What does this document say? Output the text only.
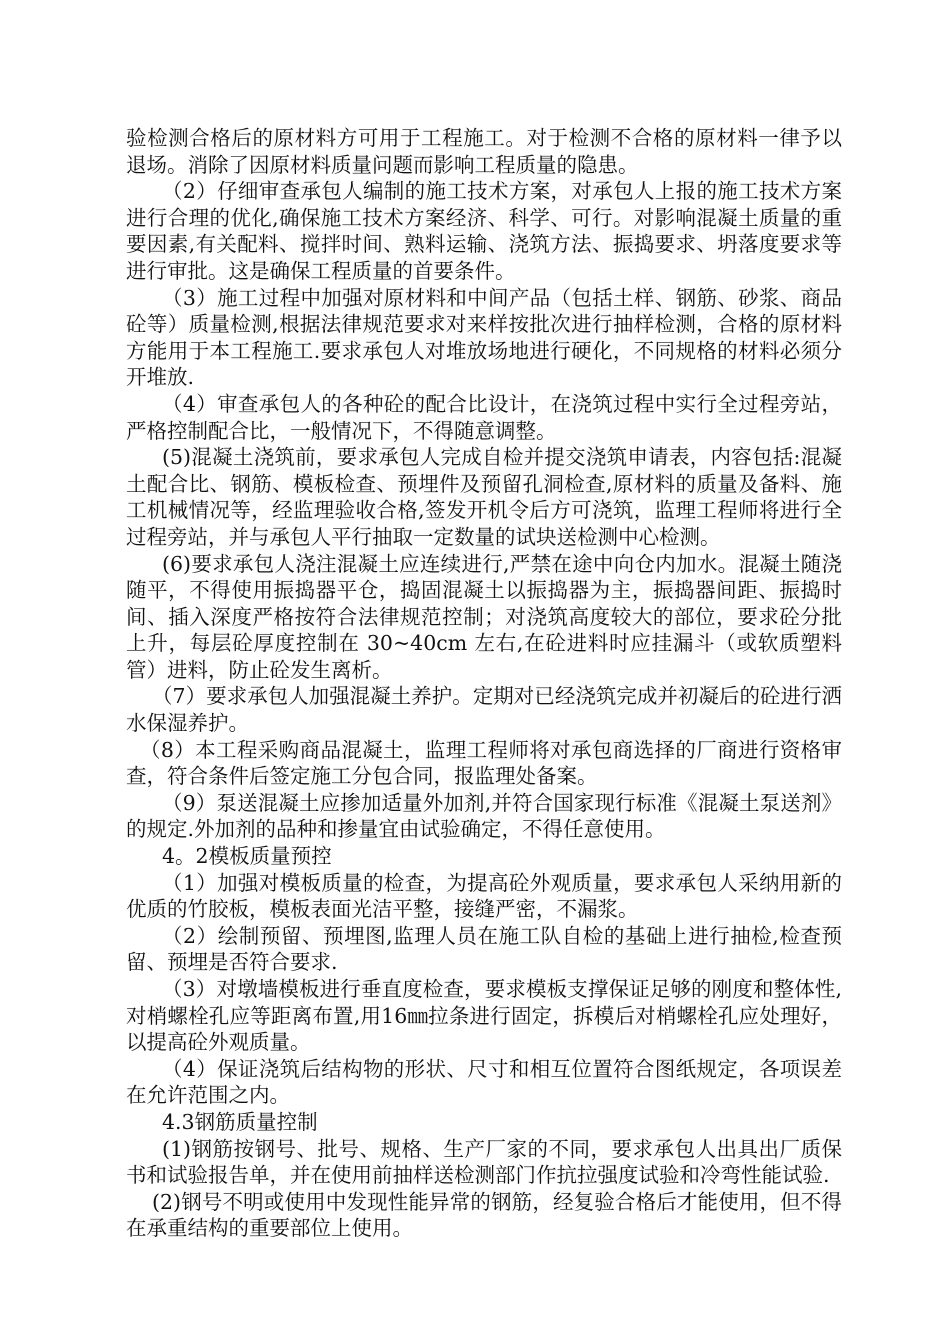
验检测合格后的原材料方可用于工程施工。对于检测不合格的原材料一律予以退场。消除了因原材料质量问题而影响工程质量的隐患。

（2）仔细审查承包人编制的施工技术方案，对承包人上报的施工技术方案进行合理的优化,确保施工技术方案经济、科学、可行。对影响混凝土质量的重要因素,有关配料、搅拌时间、熟料运输、浇筑方法、振捣要求、坍落度要求等进行审批。这是确保工程质量的首要条件。

（3）施工过程中加强对原材料和中间产品（包括土样、钢筋、砂浆、商品砼等）质量检测,根据法律规范要求对来样按批次进行抽样检测，合格的原材料方能用于本工程施工.要求承包人对堆放场地进行硬化，不同规格的材料必须分开堆放.

（4）审查承包人的各种砼的配合比设计，在浇筑过程中实行全过程旁站，严格控制配合比，一般情况下，不得随意调整。

(5)混凝土浇筑前，要求承包人完成自检并提交浇筑申请表，内容包括:混凝土配合比、钢筋、模板检查、预埋件及预留孔洞检查,原材料的质量及备料、施工机械情况等，经监理验收合格,签发开机令后方可浇筑，监理工程师将进行全过程旁站，并与承包人平行抽取一定数量的试块送检测中心检测。

(6)要求承包人浇注混凝土应连续进行,严禁在途中向仓内加水。混凝土随浇随平，不得使用振捣器平仓，捣固混凝土以振捣器为主，振捣器间距、振捣时间、插入深度严格按符合法律规范控制；对浇筑高度较大的部位，要求砼分批上升，每层砼厚度控制在 30~40cm 左右,在砼进料时应挂漏斗（或软质塑料管）进料，防止砼发生离析。

（7）要求承包人加强混凝土养护。定期对已经浇筑完成并初凝后的砼进行洒水保湿养护。

（8）本工程采购商品混凝土，监理工程师将对承包商选择的厂商进行资格审查，符合条件后签定施工分包合同，报监理处备案。

（9）泵送混凝土应掺加适量外加剂,并符合国家现行标准《混凝土泵送剂》的规定.外加剂的品种和掺量宜由试验确定，不得任意使用。

4。2模板质量预控

（1）加强对模板质量的检查，为提高砼外观质量，要求承包人采纳用新的优质的竹胶板，模板表面光洁平整，接缝严密，不漏浆。

（2）绘制预留、预埋图,监理人员在施工队自检的基础上进行抽检,检查预留、预埋是否符合要求.

（3）对墩墙模板进行垂直度检查，要求模板支撑保证足够的刚度和整体性,对梢螺栓孔应等距离布置,用16㎜拉条进行固定，拆模后对梢螺栓孔应处理好，以提高砼外观质量。

（4）保证浇筑后结构物的形状、尺寸和相互位置符合图纸规定，各项误差在允许范围之内。

4.3钢筋质量控制

(1)钢筋按钢号、批号、规格、生产厂家的不同，要求承包人出具出厂质保书和试验报告单，并在使用前抽样送检测部门作抗拉强度试验和冷弯性能试验.

(2)钢号不明或使用中发现性能异常的钢筋，经复验合格后才能使用，但不得在承重结构的重要部位上使用。
